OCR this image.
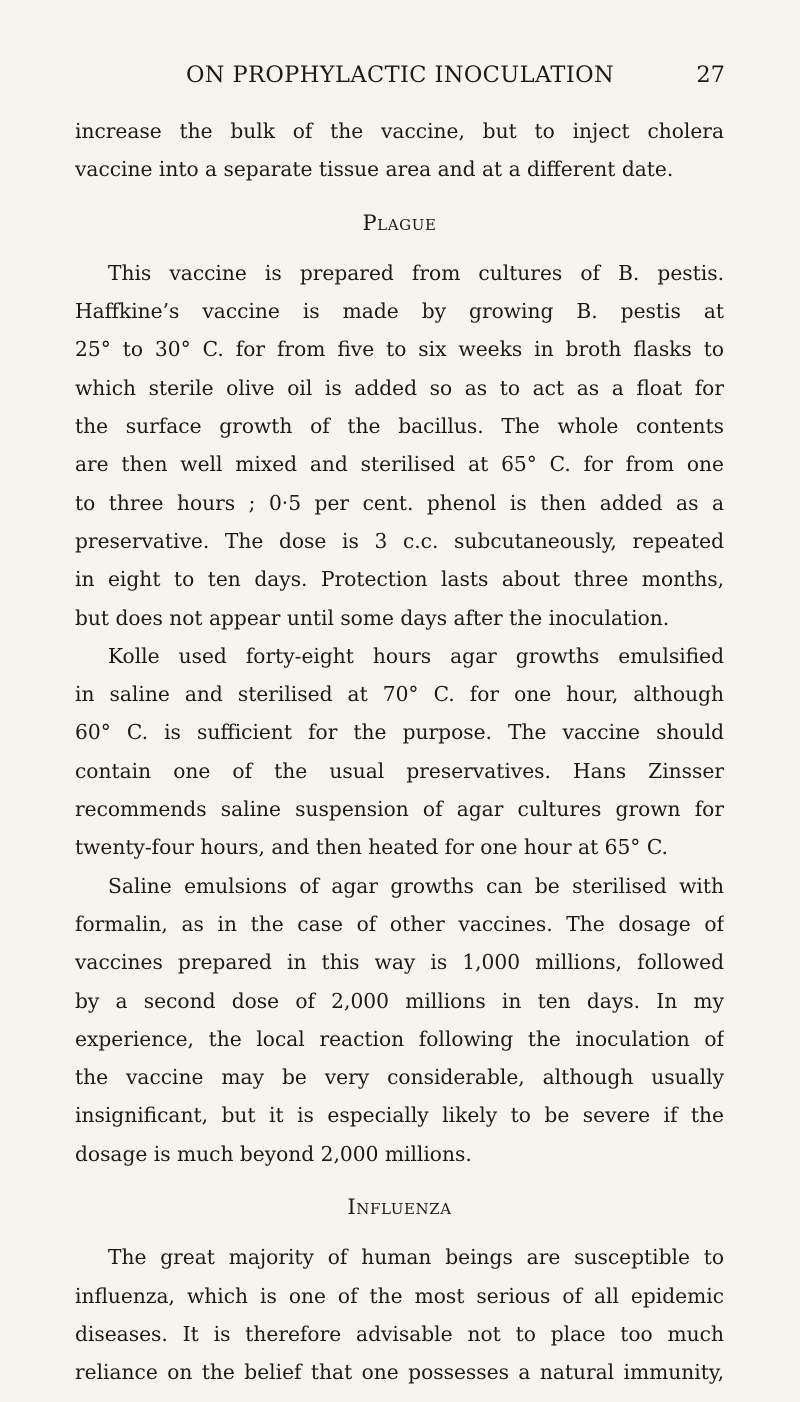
ON PROPHYLACTIC INOCULATION	27
increase the bulk of the vaccine, but to inject cholera
vaccine into a separate tissue area and at a different date.
Plague
This vaccine is prepared from cultures of B. pestis.
Haffkine’s vaccine is made by growing B. pestis at
25° to 30° C. for from five to six weeks in broth flasks to
which sterile olive oil is added so as to act as a float for
the surface growth of the bacillus. The whole contents
are then well mixed and sterilised at 65° C. for from one
to three hours ; 0·5 per cent. phenol is then added as a
preservative. The dose is 3 c.c. subcutaneously, repeated
in eight to ten days. Protection lasts about three months,
but does not appear until some days after the inoculation.
Kolle used forty-eight hours agar growths emulsified
in saline and sterilised at 70° C. for one hour, although
60° C. is sufficient for the purpose. The vaccine should
contain one of the usual preservatives. Hans Zinsser
recommends saline suspension of agar cultures grown for
twenty-four hours, and then heated for one hour at 65° C.
Saline emulsions of agar growths can be sterilised with
formalin, as in the case of other vaccines. The dosage of
vaccines prepared in this way is 1,000 millions, followed
by a second dose of 2,000 millions in ten days. In my
experience, the local reaction following the inoculation of
the vaccine may be very considerable, although usually
insignificant, but it is especially likely to be severe if the
dosage is much beyond 2,000 millions.
Influenza
The great majority of human beings are susceptible to
influenza, which is one of the most serious of all epidemic
diseases. It is therefore advisable not to place too much
reliance on the belief that one possesses a natural immunity,
